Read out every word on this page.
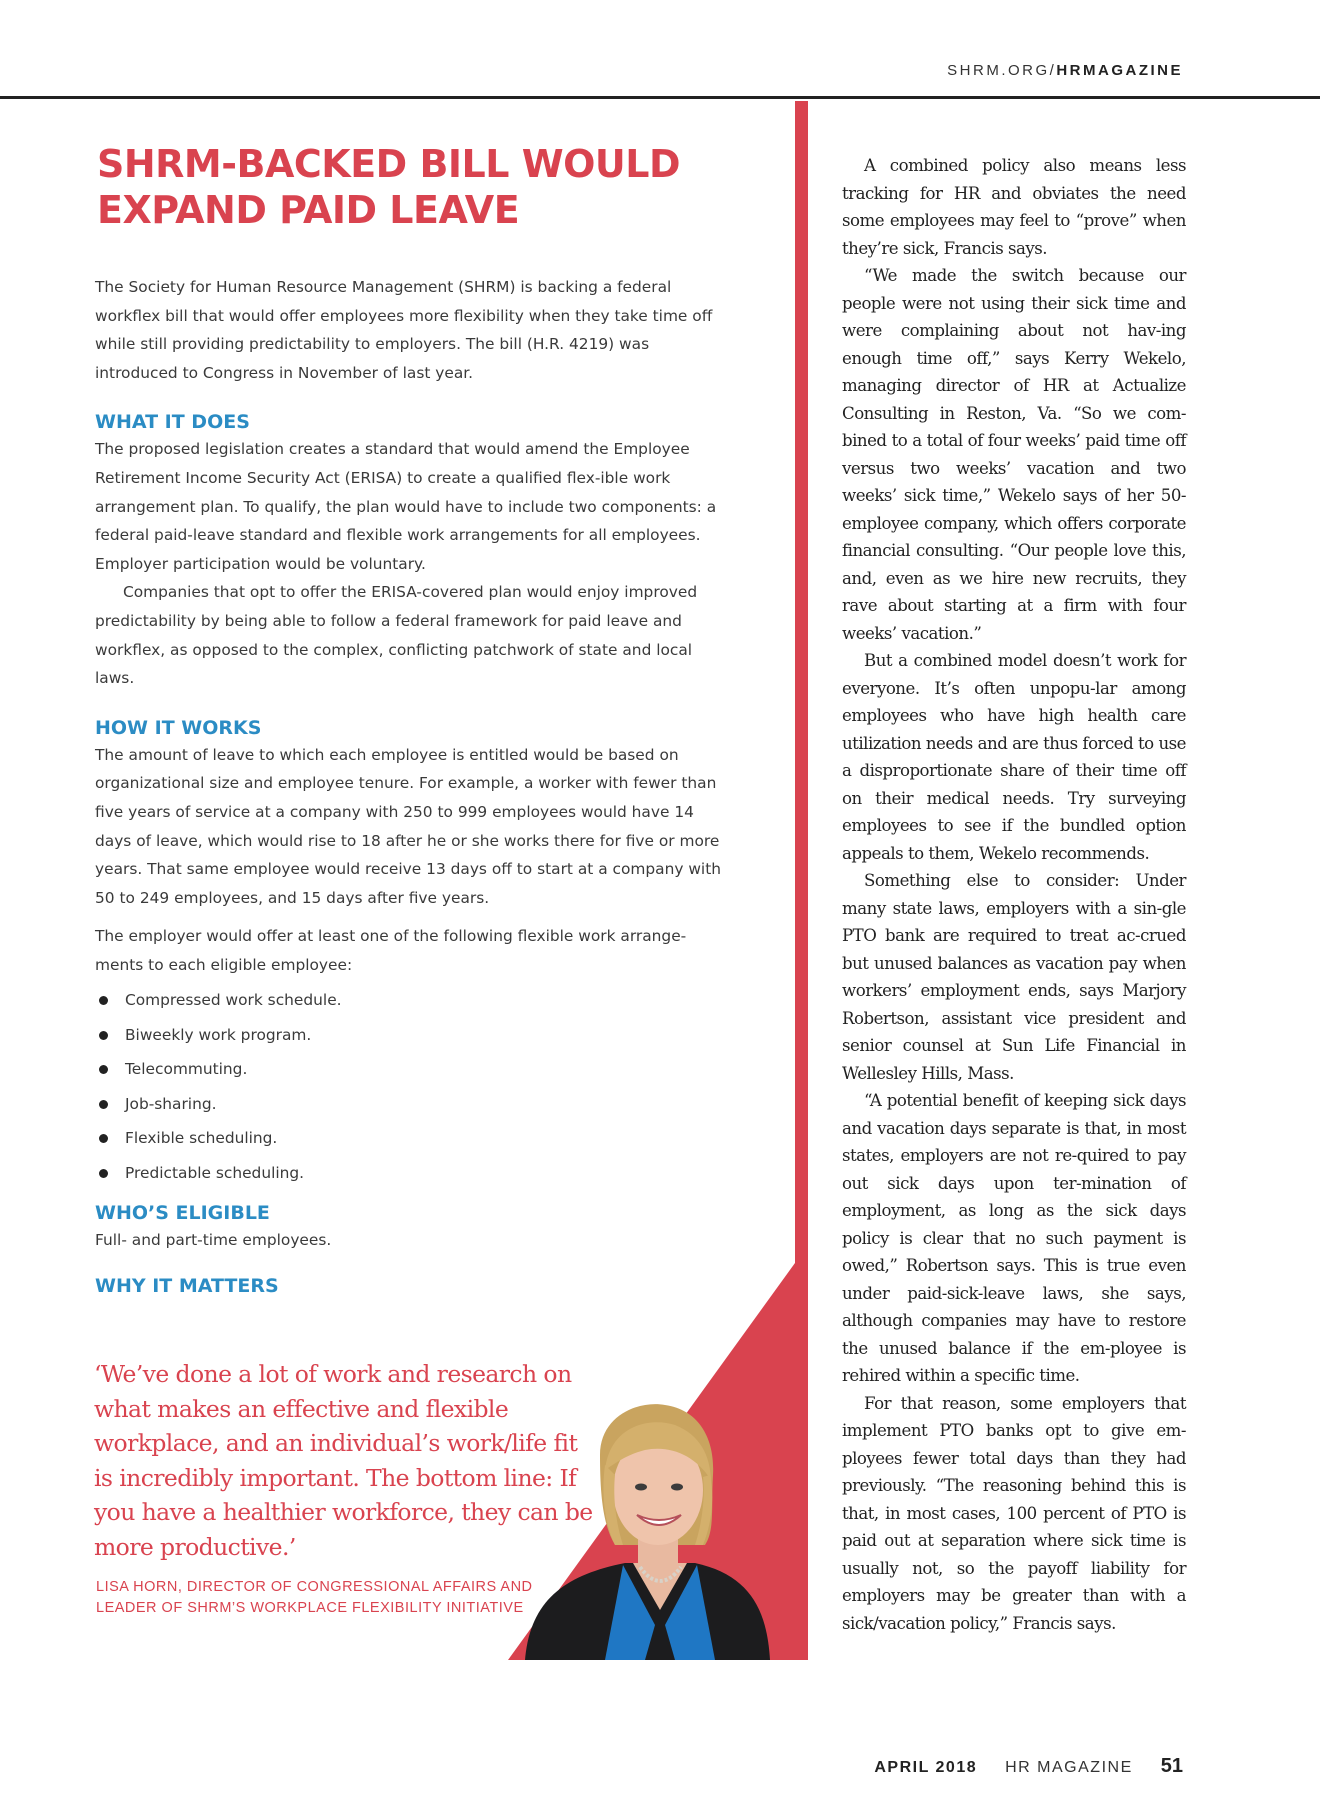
SHRM.ORG/HRMAGAZINE
SHRM-BACKED BILL WOULD EXPAND PAID LEAVE

The Society for Human Resource Management (SHRM) is backing a federal workflex bill that would offer employees more flexibility when they take time off while still providing predictability to employers. The bill (H.R. 4219) was introduced to Congress in November of last year.

WHAT IT DOES

The proposed legislation creates a standard that would amend the Employee Retirement Income Security Act (ERISA) to create a qualified flex-ible work arrangement plan. To qualify, the plan would have to include two components: a federal paid-leave standard and flexible work arrangements for all employees. Employer participation would be voluntary.

Companies that opt to offer the ERISA-covered plan would enjoy improved predictability by being able to follow a federal framework for paid leave and workflex, as opposed to the complex, conflicting patchwork of state and local laws.

HOW IT WORKS

The amount of leave to which each employee is entitled would be based on organizational size and employee tenure. For example, a worker with fewer than five years of service at a company with 250 to 999 employees would have 14 days of leave, which would rise to 18 after he or she works there for five or more years. That same employee would receive 13 days off to start at a company with 50 to 249 employees, and 15 days after five years.

The employer would offer at least one of the following flexible work arrange-ments to each eligible employee:

Compressed work schedule.
Biweekly work program.
Telecommuting.
Job-sharing.
Flexible scheduling.
Predictable scheduling.
WHO’S ELIGIBLE

Full- and part-time employees.

WHY IT MATTERS

‘We’ve done a lot of work and research on what makes an effective and flexible workplace, and an individual’s work/life fit is incredibly important. The bottom line: If you have a healthier workforce, they can be more productive.’

LISA HORN, DIRECTOR OF CONGRESSIONAL AFFAIRS AND
LEADER OF SHRM’S WORKPLACE FLEXIBILITY INITIATIVE

A combined policy also means less tracking for HR and obviates the need some employees may feel to “prove” when they’re sick, Francis says.

“We made the switch because our people were not using their sick time and were complaining about not hav-ing enough time off,” says Kerry Wekelo, managing director of HR at Actualize Consulting in Reston, Va. “So we com-bined to a total of four weeks’ paid time off versus two weeks’ vacation and two weeks’ sick time,” Wekelo says of her 50-employee company, which offers corporate financial consulting. “Our people love this, and, even as we hire new recruits, they rave about starting at a firm with four weeks’ vacation.”

But a combined model doesn’t work for everyone. It’s often unpopu-lar among employees who have high health care utilization needs and are thus forced to use a disproportionate share of their time off on their medical needs. Try surveying employees to see if the bundled option appeals to them, Wekelo recommends.

Something else to consider: Under many state laws, employers with a sin-gle PTO bank are required to treat ac-crued but unused balances as vacation pay when workers’ employment ends, says Marjory Robertson, assistant vice president and senior counsel at Sun Life Financial in Wellesley Hills, Mass.

“A potential benefit of keeping sick days and vacation days separate is that, in most states, employers are not re-quired to pay out sick days upon ter-mination of employment, as long as the sick days policy is clear that no such payment is owed,” Robertson says. This is true even under paid-sick-leave laws, she says, although companies may have to restore the unused balance if the em-ployee is rehired within a specific time.

For that reason, some employers that implement PTO banks opt to give em-ployees fewer total days than they had previously. “The reasoning behind this is that, in most cases, 100 percent of PTO is paid out at separation where sick time is usually not, so the payoff liability for employers may be greater than with a sick/vacation policy,” Francis says.

APRIL 2018 HR MAGAZINE 51
